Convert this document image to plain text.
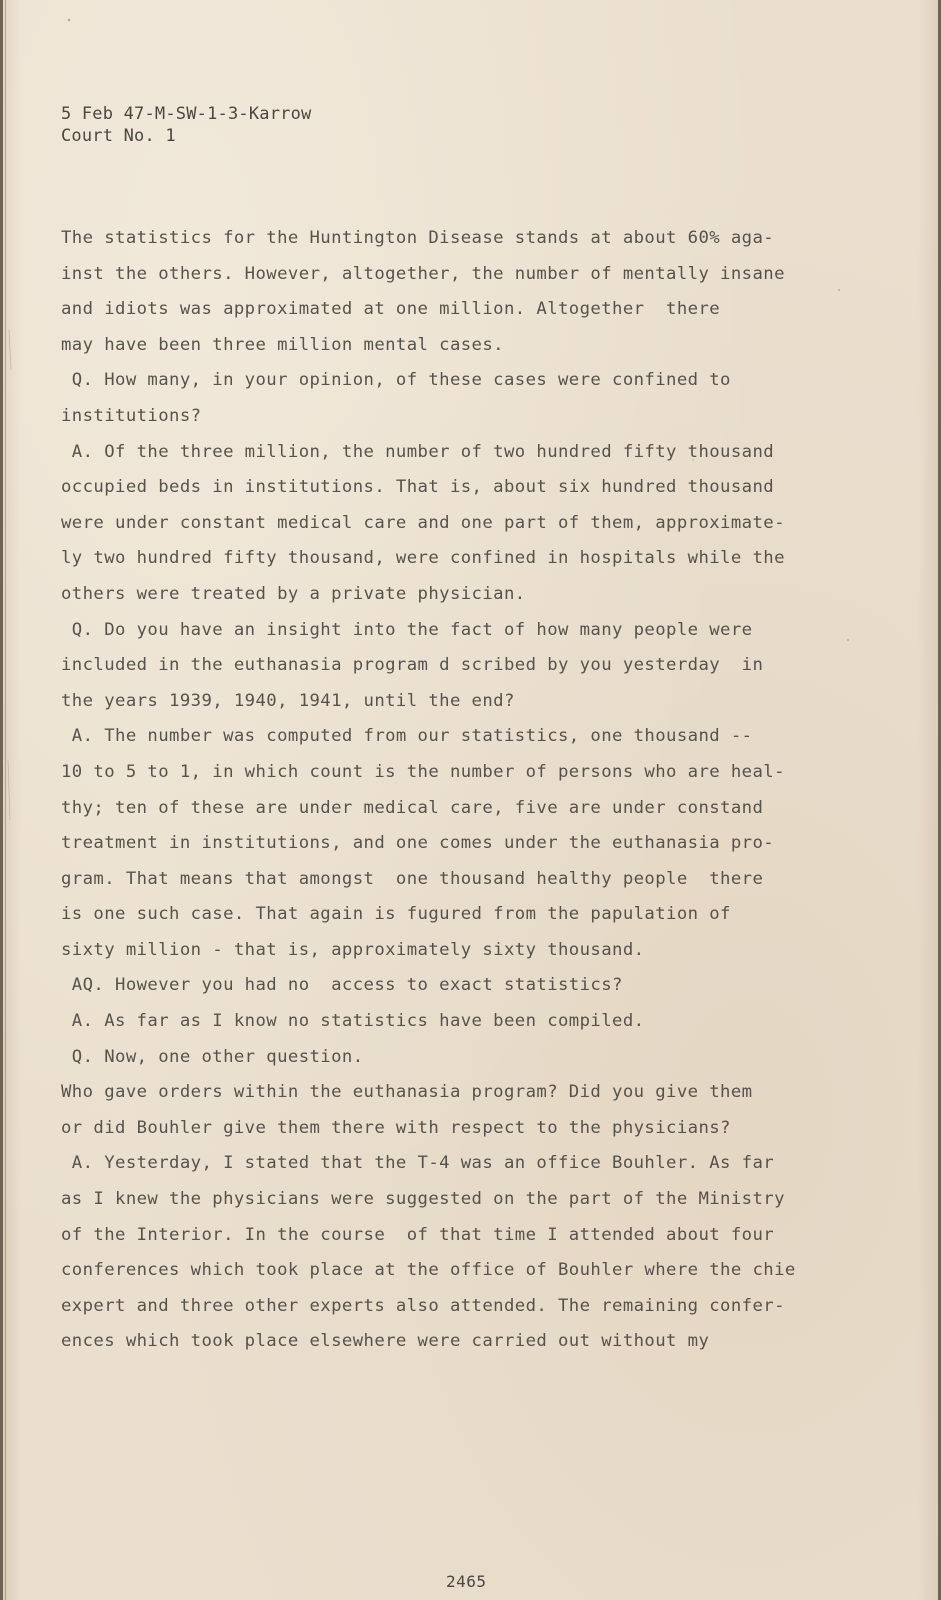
5 Feb 47-M-SW-1-3-Karrow
Court No. 1
The statistics for the Huntington Disease stands at about 60% aga-
inst the others. However, altogether, the number of mentally insane
and idiots was approximated at one million. Altogether  there
may have been three million mental cases.
Q. How many, in your opinion, of these cases were confined to
institutions?
A. Of the three million, the number of two hundred fifty thousand
occupied beds in institutions. That is, about six hundred thousand
were under constant medical care and one part of them, approximate-
ly two hundred fifty thousand, were confined in hospitals while the
others were treated by a private physician.
Q. Do you have an insight into the fact of how many people were
included in the euthanasia program d scribed by you yesterday  in
the years 1939, 1940, 1941, until the end?
A. The number was computed from our statistics, one thousand --
10 to 5 to 1, in which count is the number of persons who are heal-
thy; ten of these are under medical care, five are under constand
treatment in institutions, and one comes under the euthanasia pro-
gram. That means that amongst  one thousand healthy people  there
is one such case. That again is fugured from the papulation of
sixty million - that is, approximately sixty thousand.
AQ. However you had no  access to exact statistics?
A. As far as I know no statistics have been compiled.
Q. Now, one other question.
Who gave orders within the euthanasia program? Did you give them
or did Bouhler give them there with respect to the physicians?
A. Yesterday, I stated that the T-4 was an office Bouhler. As far
as I knew the physicians were suggested on the part of the Ministry
of the Interior. In the course  of that time I attended about four
conferences which took place at the office of Bouhler where the chie
expert and three other experts also attended. The remaining confer-
ences which took place elsewhere were carried out without my
2465
